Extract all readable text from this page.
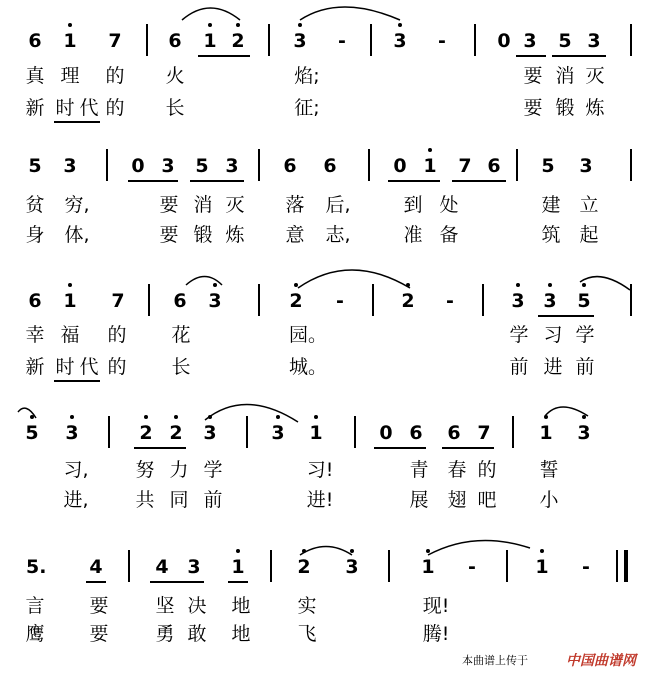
6 1 7 6 1 2	3	-	3	-	0 3 5 3
真 理 的 火	焰;	要 消 灭
新 时 代 的 长	征;	要 锻 炼
5 3	0 3 5 3 6 6	0 1 7 6 5 3
贫	穷,	要 消 灭 落	后,	到 处	建 立
身	体,	要 锻 炼 意	志,	准 备	筑 起
6 1 7	6 3	2	-	2	-	3 3 5
幸 福 的 花	园。	学 习 学
新 时 代 的 长	城。	前 进 前
5 3	2 2 3	3 1	0 6 6 7	1 3
习, 努 力 学	习!	青 春 的 誓
进, 共 同 前	进!	展 翅 吧 小
5.	4	4 3 1	2 3	1	-	1	-
言 要 坚 决 地 实	现!
鹰 要 勇 敢 地 飞	腾!
本曲谱上传于	中国曲谱网
